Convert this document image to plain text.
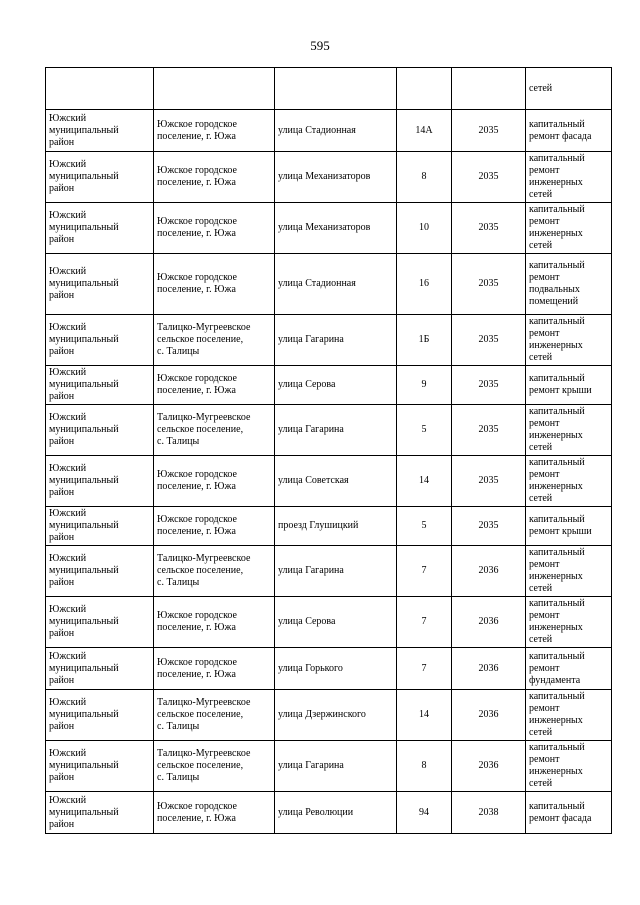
595

					сетей

Южский
муниципальный
район	Южское городское
поселение, г. Южа	улица Стадионная	14А	2035	капитальный
ремонт фасада

Южский
муниципальный
район	Южское городское
поселение, г. Южа	улица Механизаторов	8	2035	капитальный
ремонт
инженерных
сетей

Южский
муниципальный
район	Южское городское
поселение, г. Южа	улица Механизаторов	10	2035	капитальный
ремонт
инженерных
сетей

Южский
муниципальный
район	Южское городское
поселение, г. Южа	улица Стадионная	16	2035	капитальный
ремонт
подвальных
помещений

Южский
муниципальный
район	Талицко-Мугреевское
сельское поселение,
с. Талицы	улица Гагарина	1Б	2035	капитальный
ремонт
инженерных
сетей

Южский
муниципальный
район	Южское городское
поселение, г. Южа	улица Серова	9	2035	капитальный
ремонт крыши

Южский
муниципальный
район	Талицко-Мугреевское
сельское поселение,
с. Талицы	улица Гагарина	5	2035	капитальный
ремонт
инженерных
сетей

Южский
муниципальный
район	Южское городское
поселение, г. Южа	улица Советская	14	2035	капитальный
ремонт
инженерных
сетей

Южский
муниципальный
район	Южское городское
поселение, г. Южа	проезд Глушицкий	5	2035	капитальный
ремонт крыши

Южский
муниципальный
район	Талицко-Мугреевское
сельское поселение,
с. Талицы	улица Гагарина	7	2036	капитальный
ремонт
инженерных
сетей

Южский
муниципальный
район	Южское городское
поселение, г. Южа	улица Серова	7	2036	капитальный
ремонт
инженерных
сетей

Южский
муниципальный
район	Южское городское
поселение, г. Южа	улица Горького	7	2036	капитальный
ремонт
фундамента

Южский
муниципальный
район	Талицко-Мугреевское
сельское поселение,
с. Талицы	улица Дзержинского	14	2036	капитальный
ремонт
инженерных
сетей

Южский
муниципальный
район	Талицко-Мугреевское
сельское поселение,
с. Талицы	улица Гагарина	8	2036	капитальный
ремонт
инженерных
сетей

Южский
муниципальный
район	Южское городское
поселение, г. Южа	улица Революции	94	2038	капитальный
ремонт фасада
